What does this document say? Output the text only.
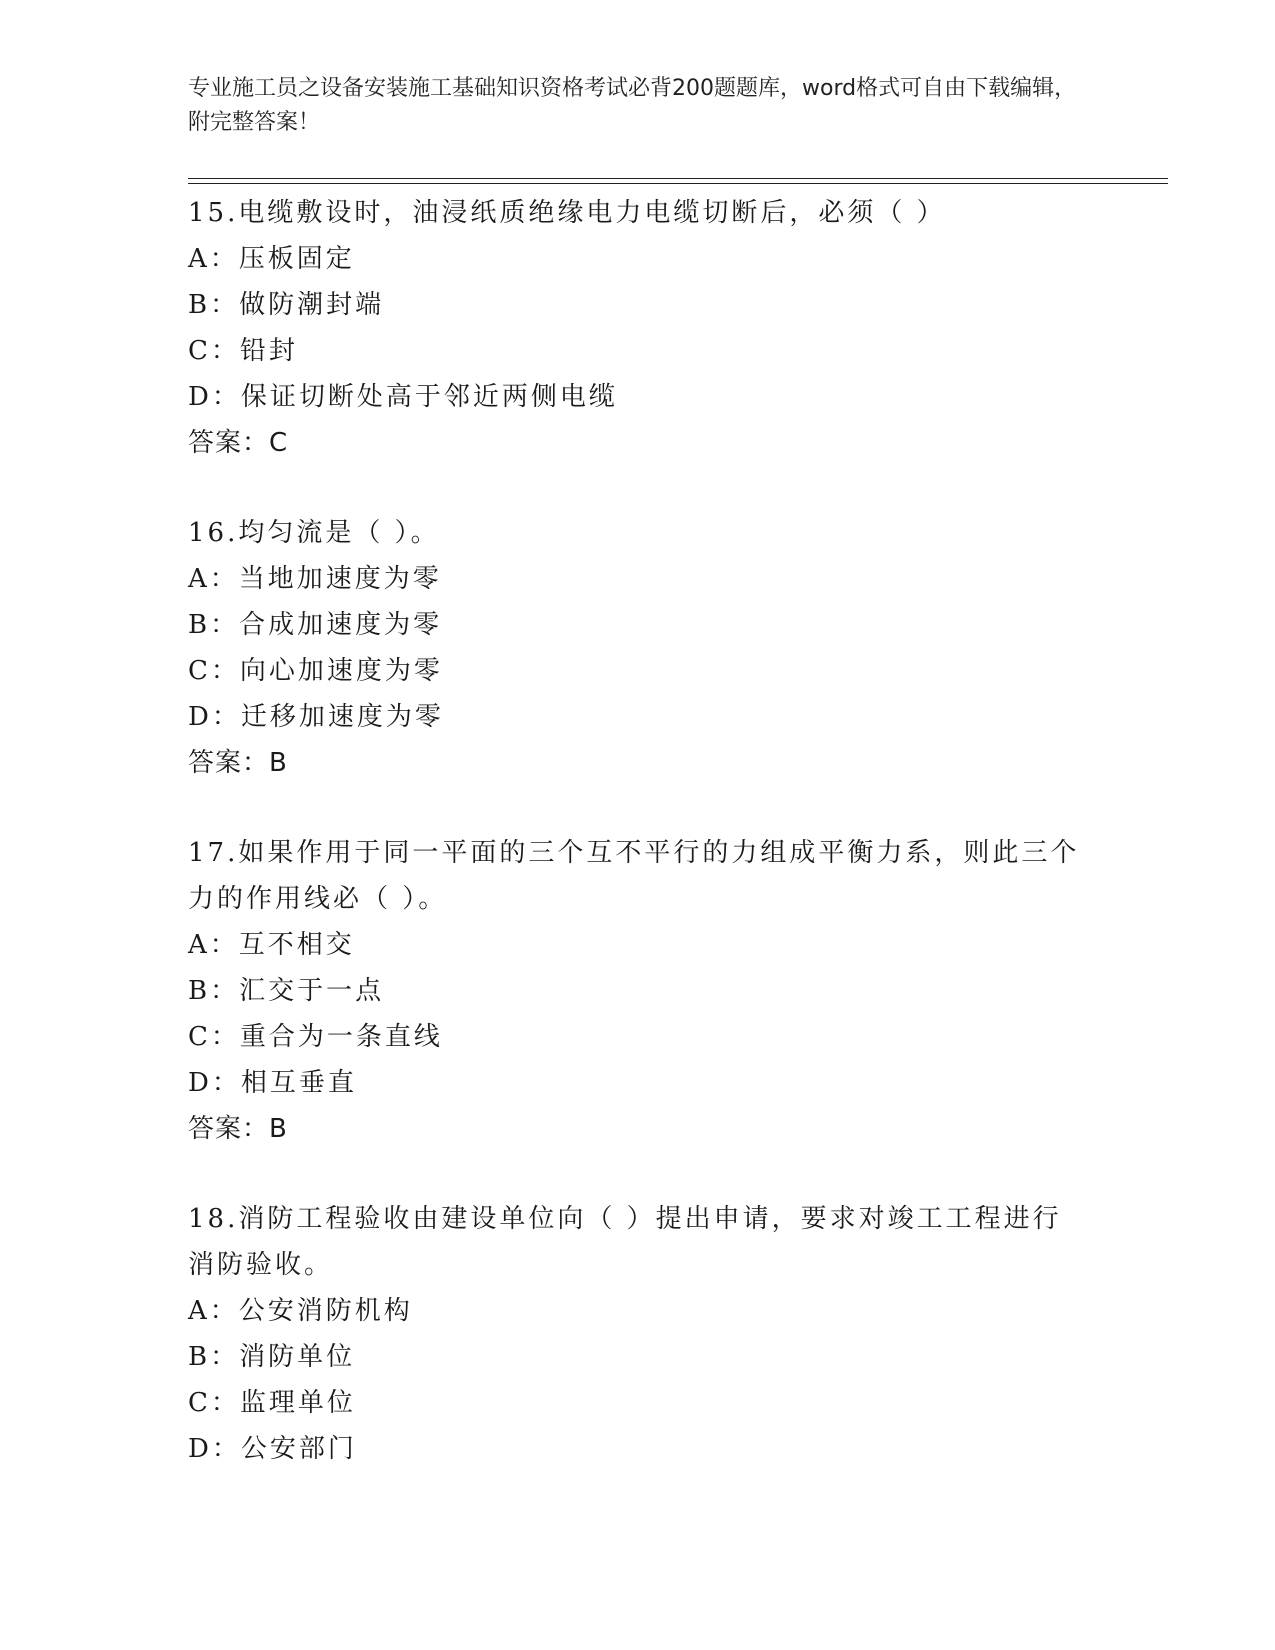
专业施工员之设备安装施工基础知识资格考试必背200题题库，word格式可自由下载编辑，附完整答案！
15.电缆敷设时，油浸纸质绝缘电力电缆切断后，必须（ ）
A：压板固定
B：做防潮封端
C：铅封
D：保证切断处高于邻近两侧电缆
答案：C
16.均匀流是（ ）。
A：当地加速度为零
B：合成加速度为零
C：向心加速度为零
D：迁移加速度为零
答案：B
17.如果作用于同一平面的三个互不平行的力组成平衡力系，则此三个力的作用线必（ ）。
A：互不相交
B：汇交于一点
C：重合为一条直线
D：相互垂直
答案：B
18.消防工程验收由建设单位向（ ）提出申请，要求对竣工工程进行消防验收。
A：公安消防机构
B：消防单位
C：监理单位
D：公安部门
